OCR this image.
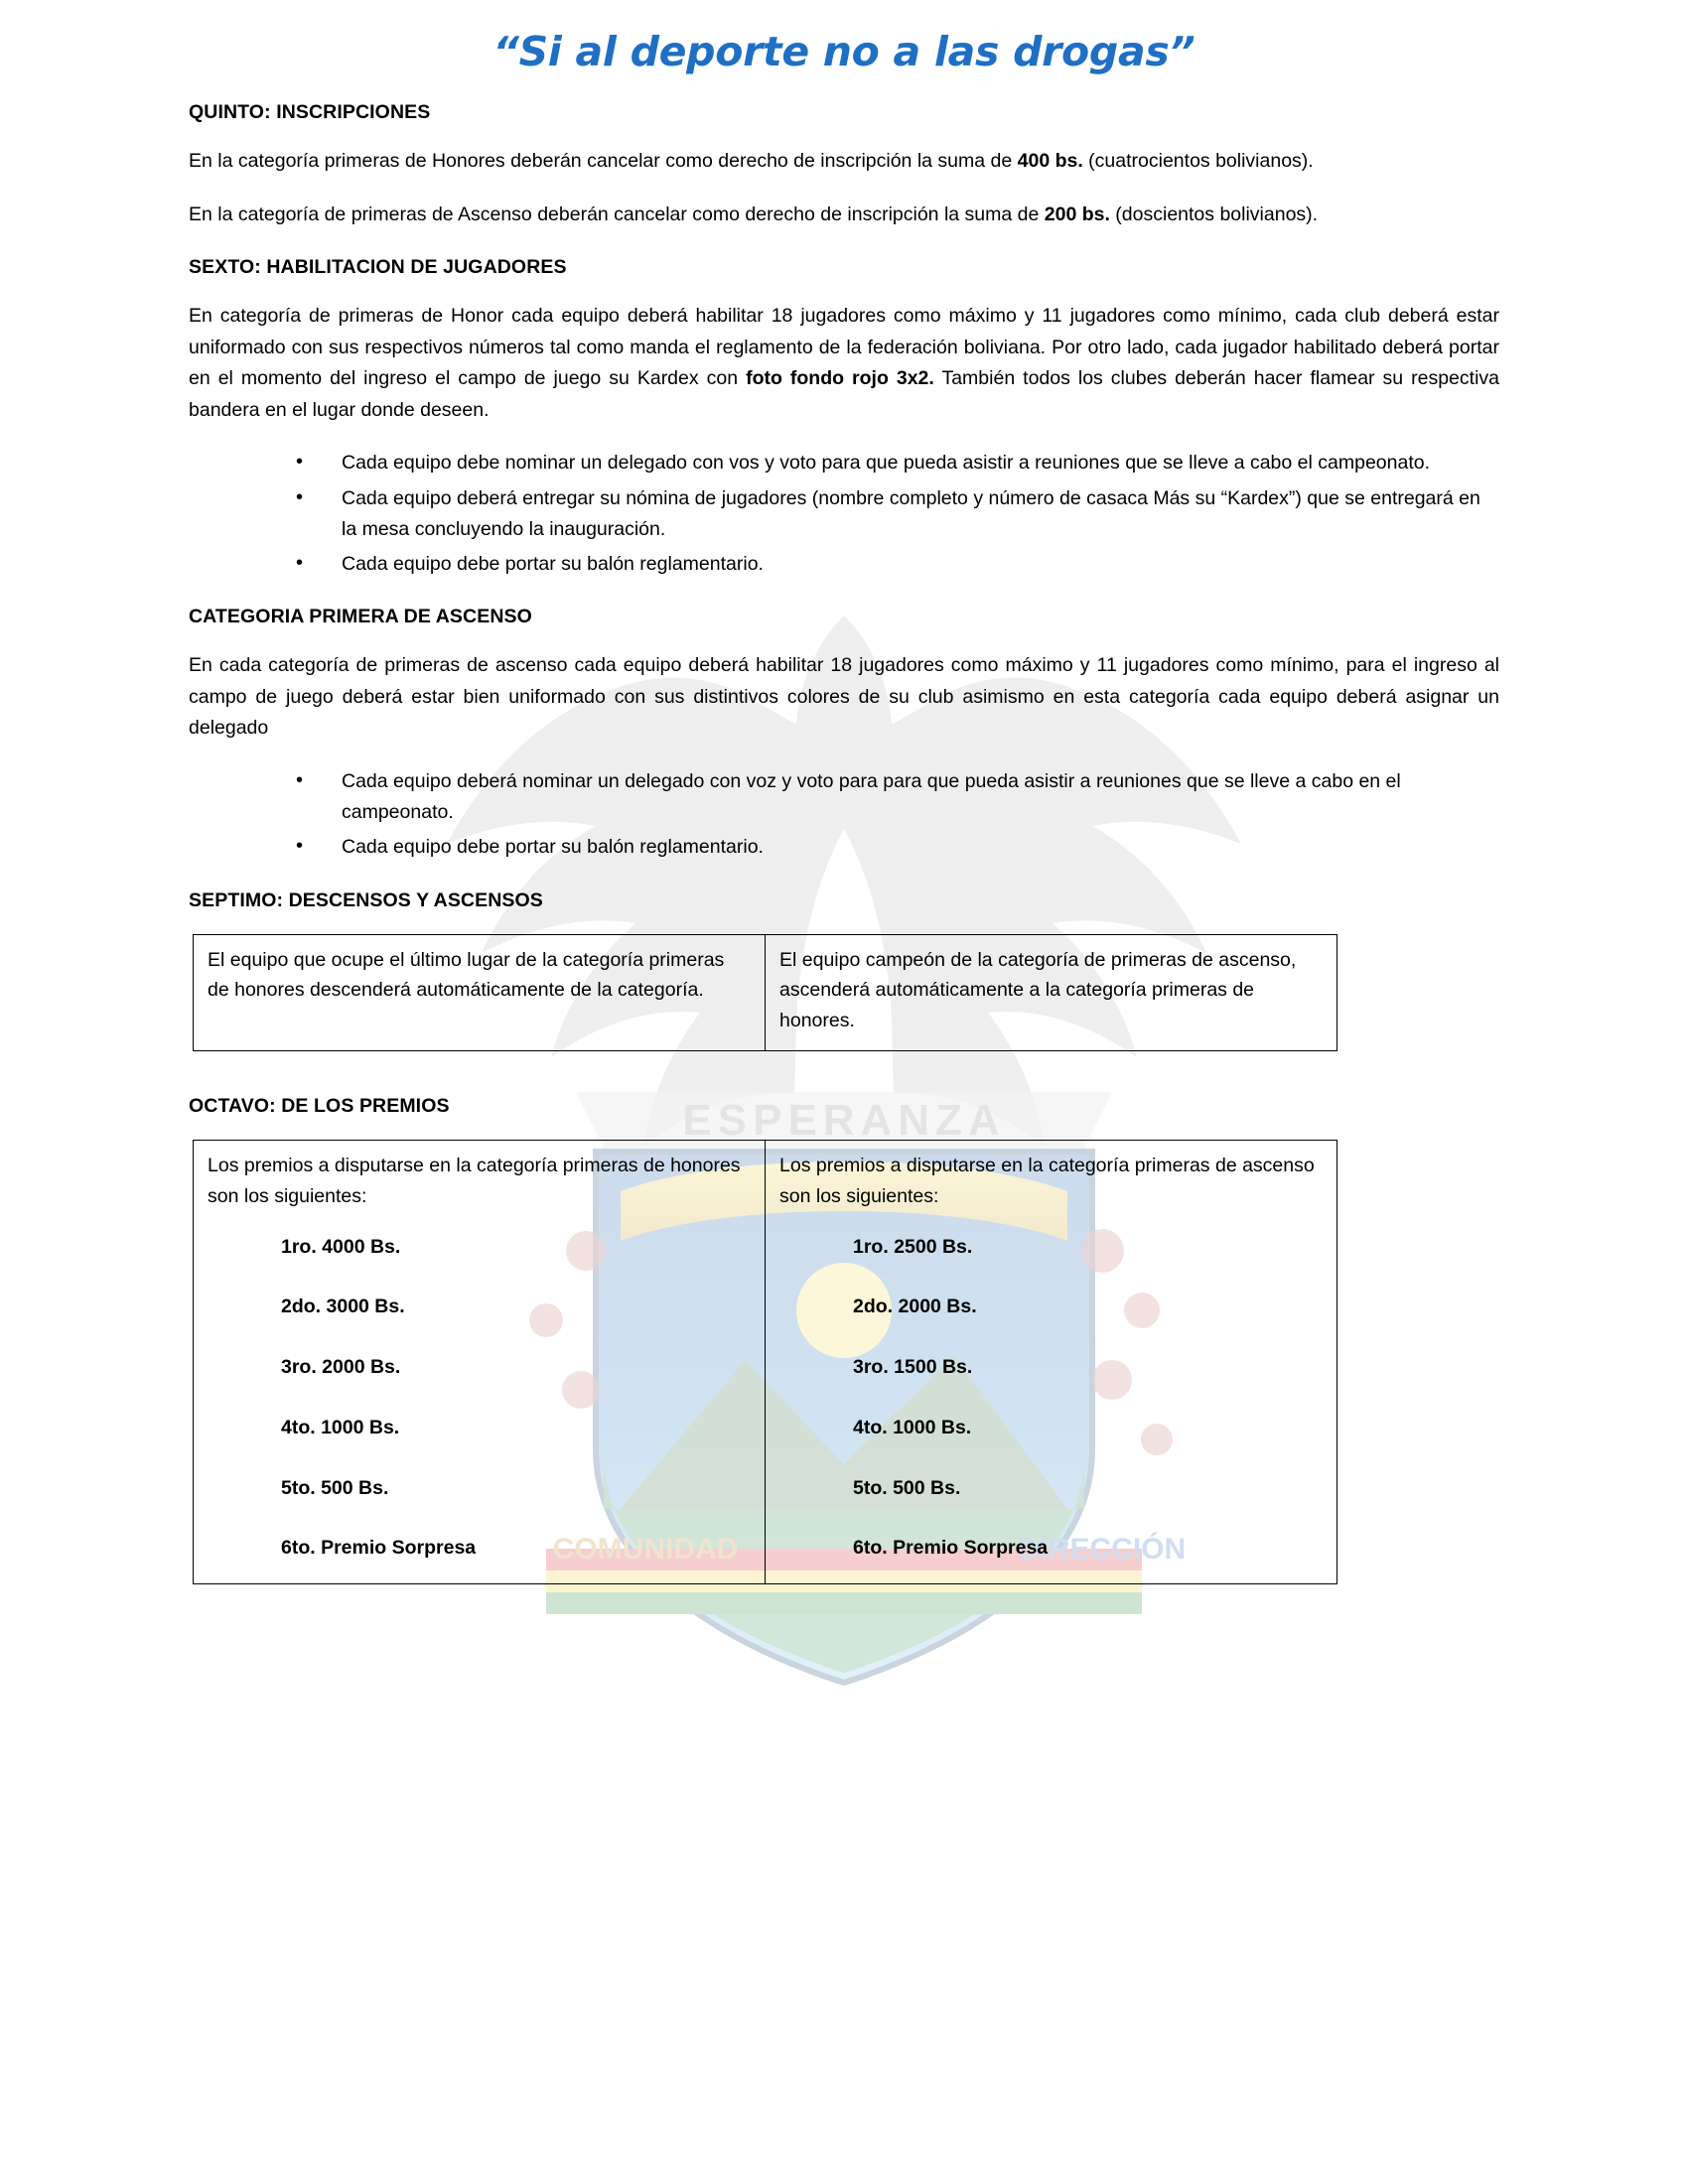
ESPERANZA
COMUNIDAD	DIRECCIÓN
“Si al deporte no a las drogas”
QUINTO: INSCRIPCIONES

En la categoría primeras de Honores deberán cancelar como derecho de inscripción la suma de 400 bs. (cuatrocientos bolivianos).

En la categoría de primeras de Ascenso deberán cancelar como derecho de inscripción la suma de 200 bs. (doscientos bolivianos).

SEXTO: HABILITACION DE JUGADORES

En categoría de primeras de Honor cada equipo deberá habilitar 18 jugadores como máximo y 11 jugadores como mínimo, cada club deberá estar uniformado con sus respectivos números tal como manda el reglamento de la federación boliviana. Por otro lado, cada jugador habilitado deberá portar en el momento del ingreso el campo de juego su Kardex con foto fondo rojo 3x2. También todos los clubes deberán hacer flamear su respectiva bandera en el lugar donde deseen.

• Cada equipo debe nominar un delegado con vos y voto para que pueda asistir a reuniones que se lleve a cabo el campeonato.
• Cada equipo deberá entregar su nómina de jugadores (nombre completo y número de casaca Más su “Kardex”) que se entregará en la mesa concluyendo la inauguración.
• Cada equipo debe portar su balón reglamentario.
CATEGORIA PRIMERA DE ASCENSO

En cada categoría de primeras de ascenso cada equipo deberá habilitar 18 jugadores como máximo y 11 jugadores como mínimo, para el ingreso al campo de juego deberá estar bien uniformado con sus distintivos colores de su club asimismo en esta categoría cada equipo deberá asignar un delegado

• Cada equipo deberá nominar un delegado con voz y voto para para que pueda asistir a reuniones que se lleve a cabo en el campeonato.
• Cada equipo debe portar su balón reglamentario.
SEPTIMO: DESCENSOS Y ASCENSOS
El equipo que ocupe el último lugar de la categoría primeras de honores descenderá automáticamente de la categoría.	El equipo campeón de la categoría de primeras de ascenso, ascenderá automáticamente a la categoría primeras de honores.
OCTAVO: DE LOS PREMIOS
Los premios a disputarse en la categoría primeras de honores son los siguientes:
1ro. 4000 Bs.
2do. 3000 Bs.
3ro. 2000 Bs.
4to. 1000 Bs.
5to. 500 Bs.
6to. Premio Sorpresa

Los premios a disputarse en la categoría primeras de ascenso son los siguientes:
1ro. 2500 Bs.
2do. 2000 Bs.
3ro. 1500 Bs.
4to. 1000 Bs.
5to. 500 Bs.
6to. Premio Sorpresa
